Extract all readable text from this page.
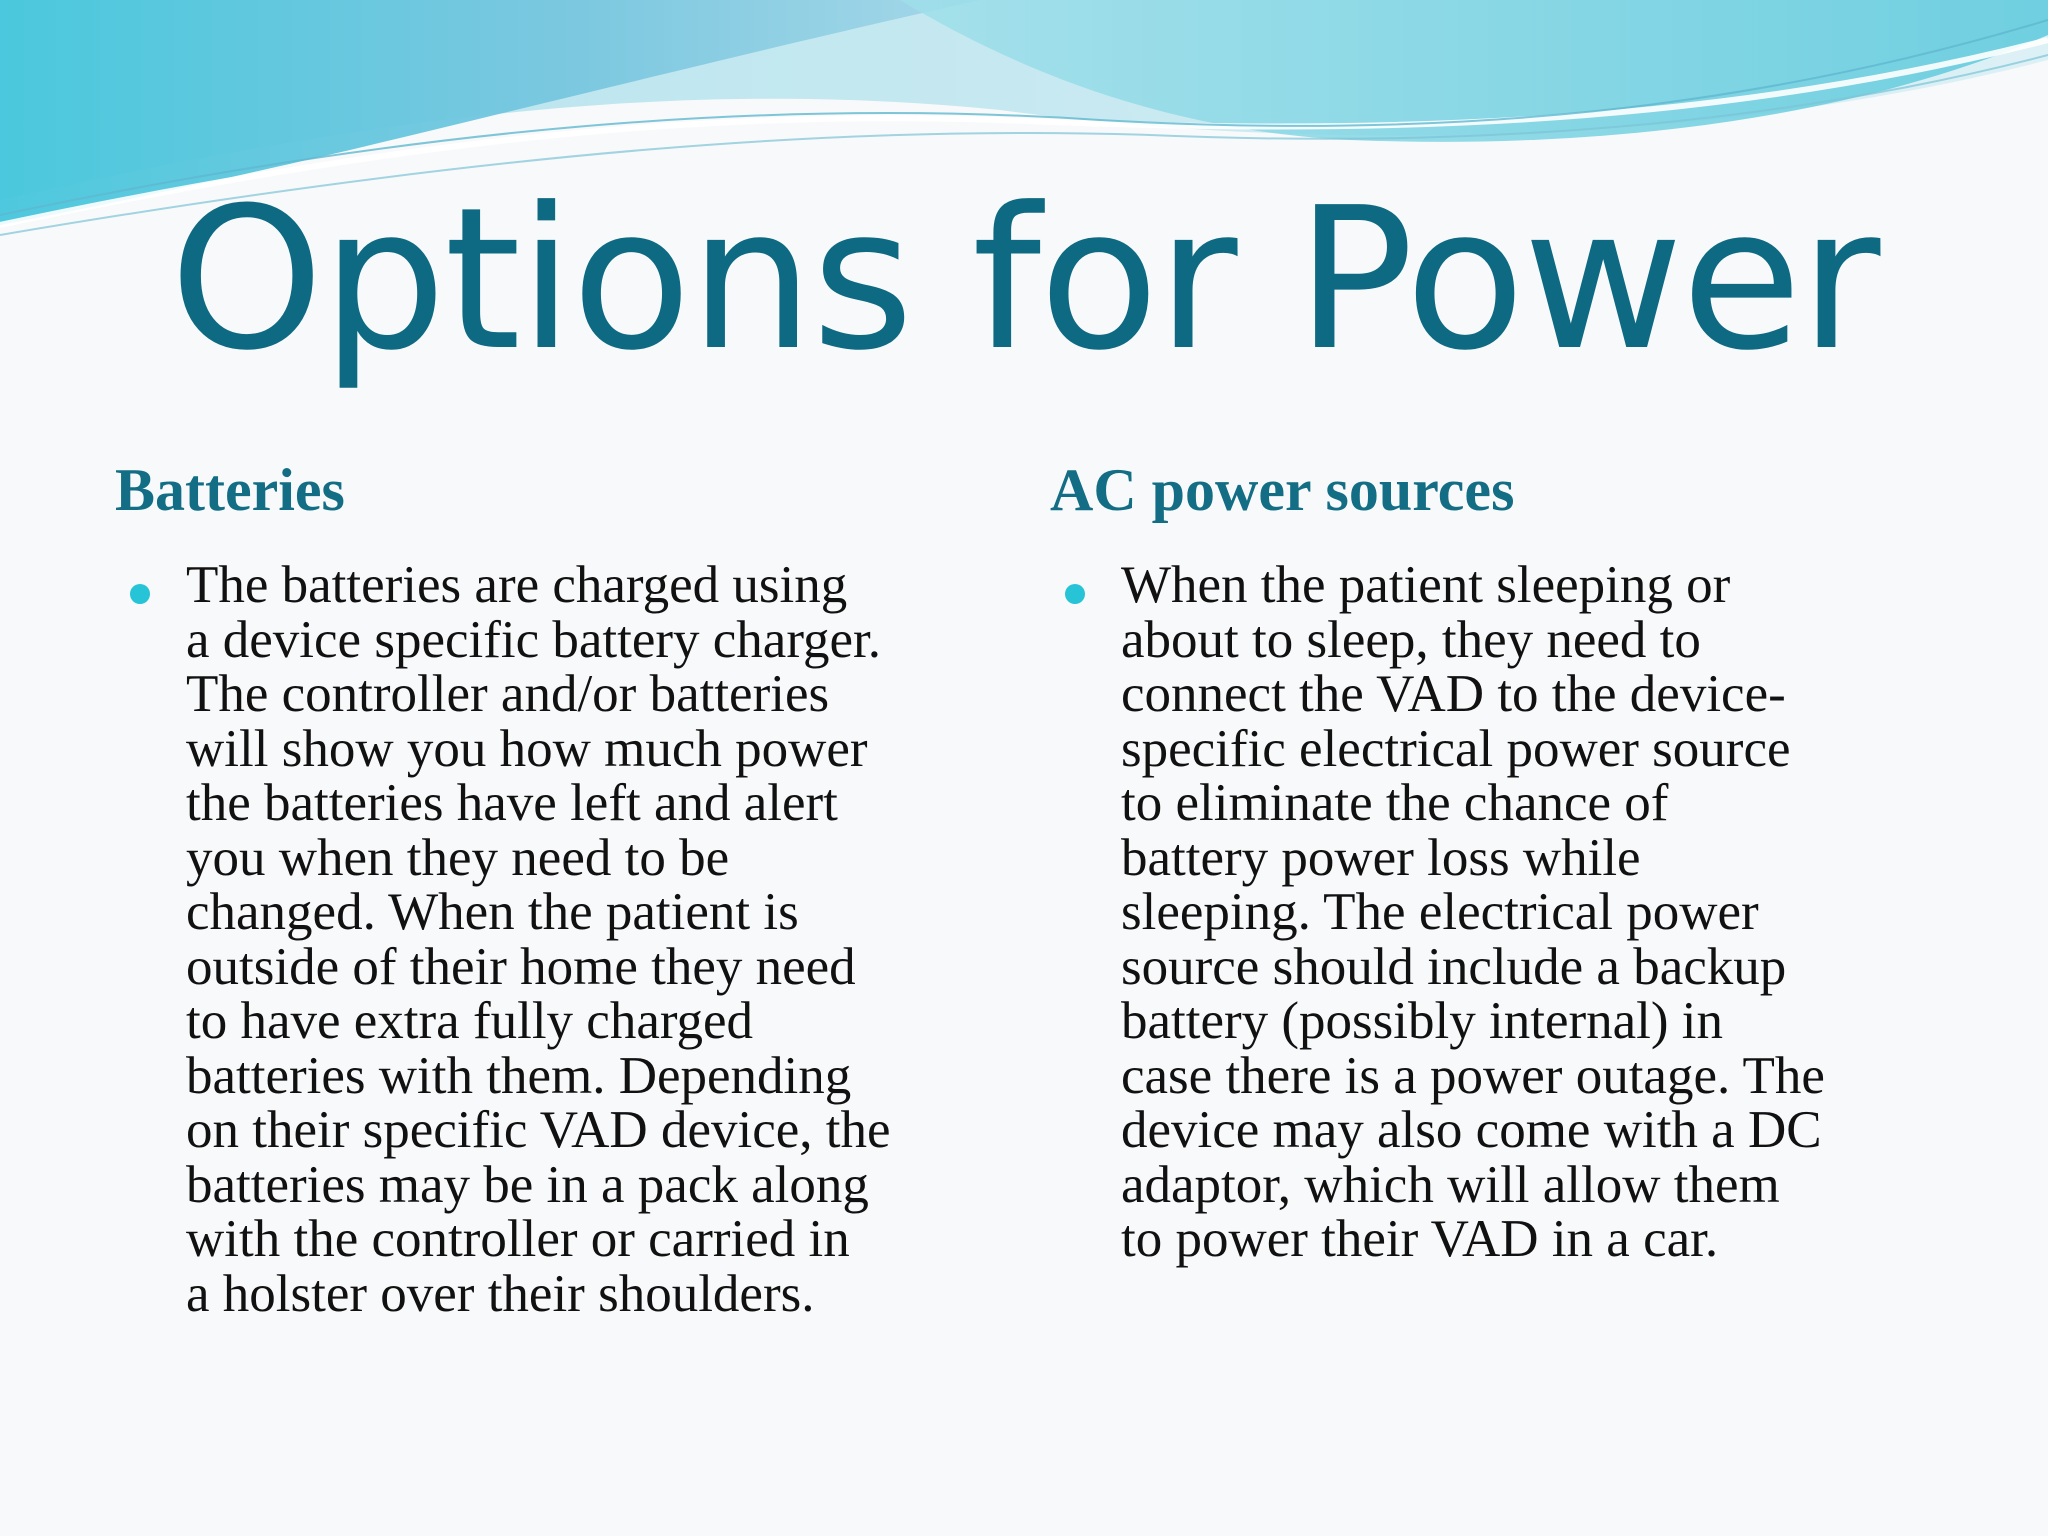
Options for Power
Batteries
The batteries are charged using
a device specific battery charger.
The controller and/or batteries
will show you how much power
the batteries have left and alert
you when they need to be
changed. When the patient is
outside of their home they need
to have extra fully charged
batteries with them. Depending
on their specific VAD device, the
batteries may be in a pack along
with the controller or carried in
a holster over their shoulders.
AC power sources
When the patient sleeping or
about to sleep, they need to
connect the VAD to the device-
specific electrical power source
to eliminate the chance of
battery power loss while
sleeping. The electrical power
source should include a backup
battery (possibly internal) in
case there is a power outage. The
device may also come with a DC
adaptor, which will allow them
to power their VAD in a car.
